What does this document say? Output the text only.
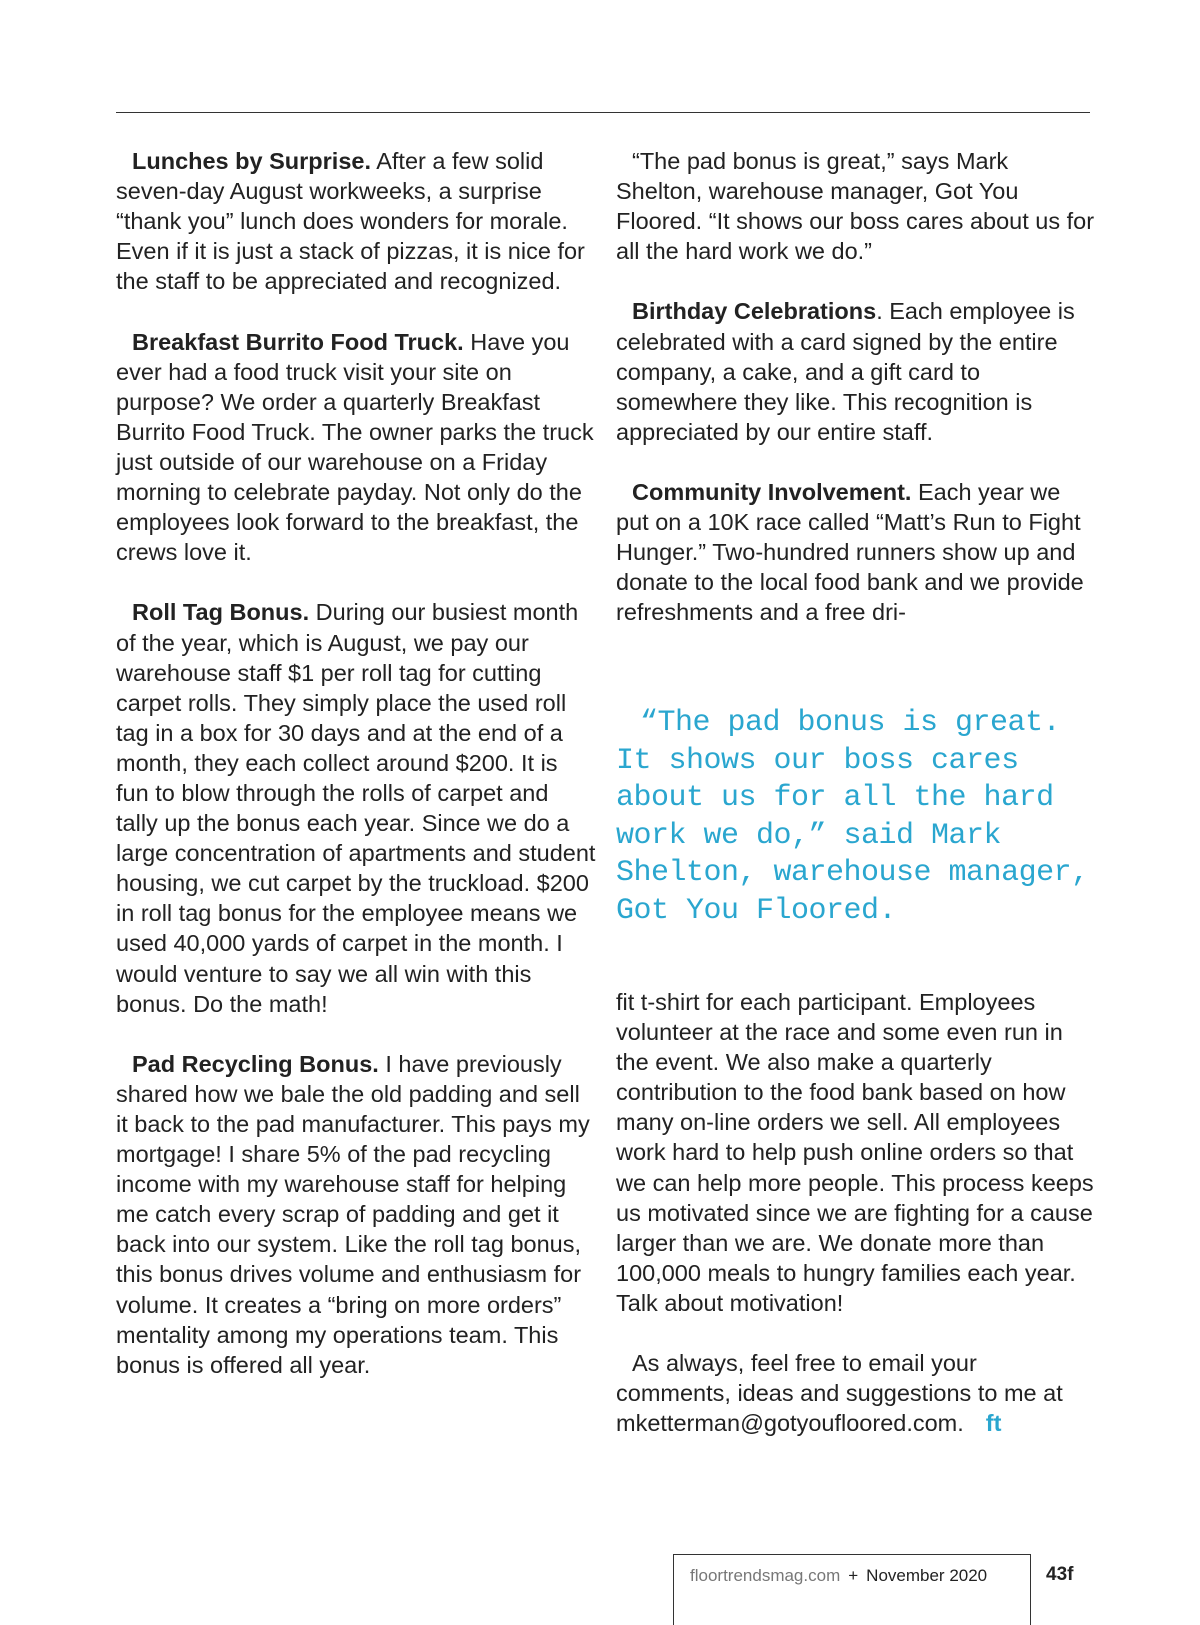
Lunches by Surprise. After a few solid seven-day August workweeks, a surprise “thank you” lunch does wonders for morale. Even if it is just a stack of pizzas, it is nice for the staff to be appreciated and recognized.

Breakfast Burrito Food Truck. Have you ever had a food truck visit your site on purpose? We order a quarterly Breakfast Burrito Food Truck. The owner parks the truck just outside of our warehouse on a Friday morning to celebrate payday. Not only do the employees look forward to the breakfast, the crews love it.

Roll Tag Bonus. During our busiest month of the year, which is August, we pay our warehouse staff $1 per roll tag for cutting carpet rolls. They simply place the used roll tag in a box for 30 days and at the end of a month, they each collect around $200. It is fun to blow through the rolls of carpet and tally up the bonus each year. Since we do a large concentration of apartments and student housing, we cut carpet by the truckload. $200 in roll tag bonus for the employee means we used 40,000 yards of carpet in the month. I would venture to say we all win with this bonus. Do the math!

Pad Recycling Bonus. I have previously shared how we bale the old padding and sell it back to the pad manufacturer. This pays my mortgage! I share 5% of the pad recycling income with my warehouse staff for helping me catch every scrap of padding and get it back into our system. Like the roll tag bonus, this bonus drives volume and enthusiasm for volume. It creates a “bring on more orders” mentality among my operations team. This bonus is offered all year.

“The pad bonus is great,” says Mark Shelton, warehouse manager, Got You Floored. “It shows our boss cares about us for all the hard work we do.”

Birthday Celebrations. Each employee is celebrated with a card signed by the entire company, a cake, and a gift card to somewhere they like. This recognition is appreciated by our entire staff.

Community Involvement. Each year we put on a 10K race called “Matt’s Run to Fight Hunger.” Two-hundred runners show up and donate to the local food bank and we provide refreshments and a free dri-

“The pad bonus is great. It shows our boss cares about us for all the hard work we do,” said Mark Shelton, warehouse manager, Got You Floored.

fit t-shirt for each participant. Employees volunteer at the race and some even run in the event. We also make a quarterly contribution to the food bank based on how many on-line orders we sell. All employees work hard to help push online orders so that we can help more people. This process keeps us motivated since we are fighting for a cause larger than we are. We donate more than 100,000 meals to hungry families each year. Talk about motivation!

As always, feel free to email your comments, ideas and suggestions to me at mketterman@gotyoufloored.com. ft

floortrendsmag.com + November 2020	43f
